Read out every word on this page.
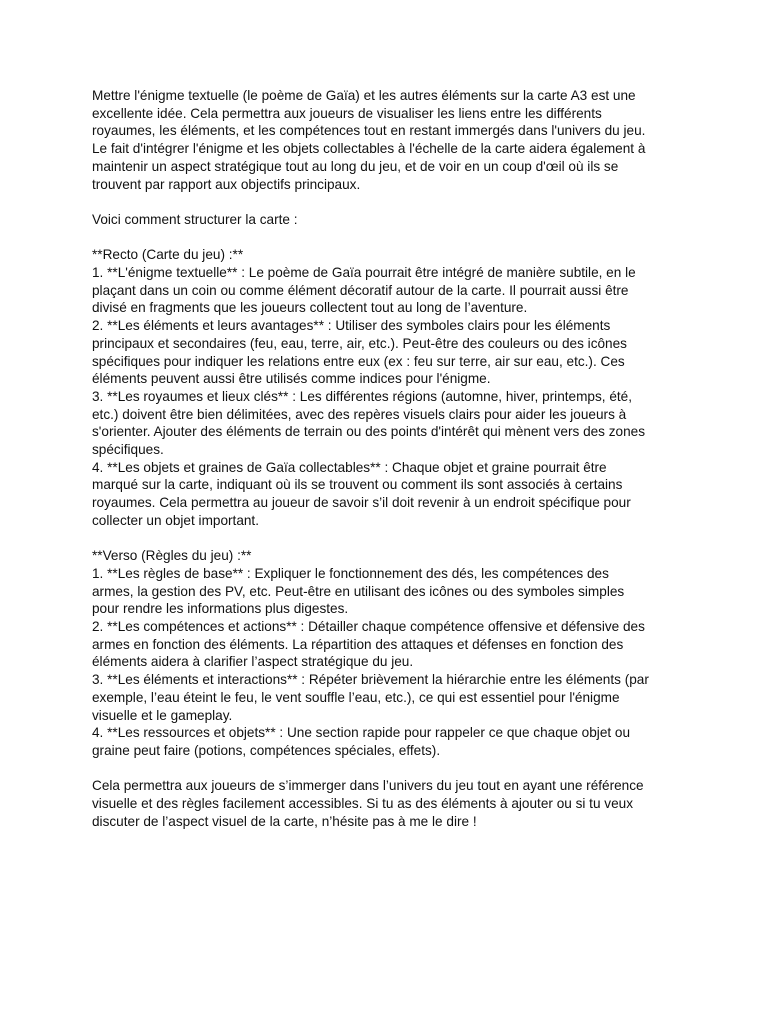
Mettre l'énigme textuelle (le poème de Gaïa) et les autres éléments sur la carte A3 est une
excellente idée. Cela permettra aux joueurs de visualiser les liens entre les différents
royaumes, les éléments, et les compétences tout en restant immergés dans l'univers du jeu.
Le fait d'intégrer l'énigme et les objets collectables à l'échelle de la carte aidera également à
maintenir un aspect stratégique tout au long du jeu, et de voir en un coup d'œil où ils se
trouvent par rapport aux objectifs principaux.

Voici comment structurer la carte :

**Recto (Carte du jeu) :**
1. **L'énigme textuelle** : Le poème de Gaïa pourrait être intégré de manière subtile, en le
plaçant dans un coin ou comme élément décoratif autour de la carte. Il pourrait aussi être
divisé en fragments que les joueurs collectent tout au long de l’aventure.
2. **Les éléments et leurs avantages** : Utiliser des symboles clairs pour les éléments
principaux et secondaires (feu, eau, terre, air, etc.). Peut-être des couleurs ou des icônes
spécifiques pour indiquer les relations entre eux (ex : feu sur terre, air sur eau, etc.). Ces
éléments peuvent aussi être utilisés comme indices pour l'énigme.
3. **Les royaumes et lieux clés** : Les différentes régions (automne, hiver, printemps, été,
etc.) doivent être bien délimitées, avec des repères visuels clairs pour aider les joueurs à
s'orienter. Ajouter des éléments de terrain ou des points d'intérêt qui mènent vers des zones
spécifiques.
4. **Les objets et graines de Gaïa collectables** : Chaque objet et graine pourrait être
marqué sur la carte, indiquant où ils se trouvent ou comment ils sont associés à certains
royaumes. Cela permettra au joueur de savoir s’il doit revenir à un endroit spécifique pour
collecter un objet important.
**Verso (Règles du jeu) :**
1. **Les règles de base** : Expliquer le fonctionnement des dés, les compétences des
armes, la gestion des PV, etc. Peut-être en utilisant des icônes ou des symboles simples
pour rendre les informations plus digestes.
2. **Les compétences et actions** : Détailler chaque compétence offensive et défensive des
armes en fonction des éléments. La répartition des attaques et défenses en fonction des
éléments aidera à clarifier l’aspect stratégique du jeu.
3. **Les éléments et interactions** : Répéter brièvement la hiérarchie entre les éléments (par
exemple, l’eau éteint le feu, le vent souffle l’eau, etc.), ce qui est essentiel pour l'énigme
visuelle et le gameplay.
4. **Les ressources et objets** : Une section rapide pour rappeler ce que chaque objet ou
graine peut faire (potions, compétences spéciales, effets).

Cela permettra aux joueurs de s’immerger dans l’univers du jeu tout en ayant une référence
visuelle et des règles facilement accessibles. Si tu as des éléments à ajouter ou si tu veux
discuter de l’aspect visuel de la carte, n’hésite pas à me le dire !
